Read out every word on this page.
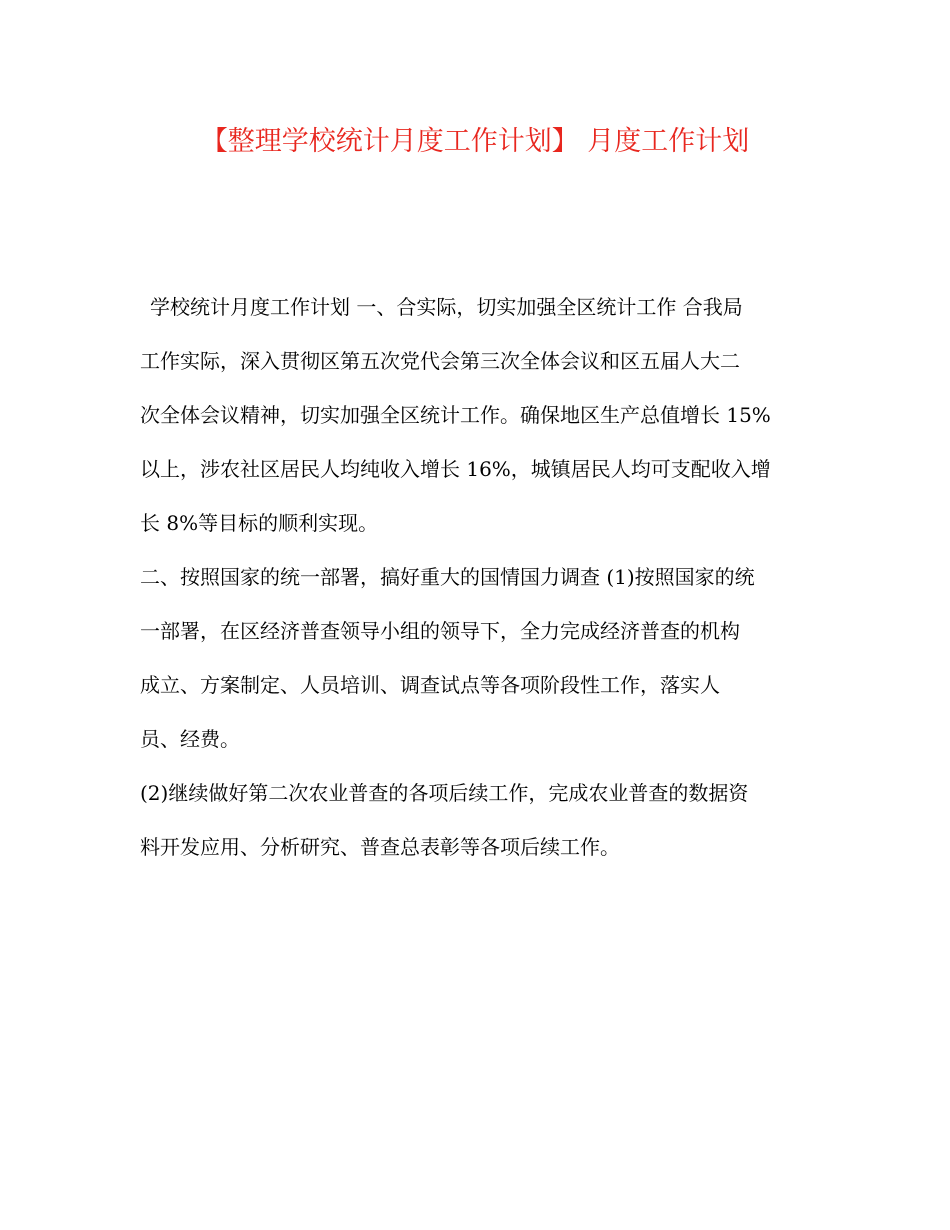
【整理学校统计月度工作计划】 月度工作计划
学校统计月度工作计划 一、合实际，切实加强全区统计工作 合我局
工作实际，深入贯彻区第五次党代会第三次全体会议和区五届人大二
次全体会议精神，切实加强全区统计工作。确保地区生产总值增长 15%
以上，涉农社区居民人均纯收入增长 16%，城镇居民人均可支配收入增
长 8%等目标的顺利实现。
二、按照国家的统一部署，搞好重大的国情国力调查 (1)按照国家的统
一部署，在区经济普查领导小组的领导下，全力完成经济普查的机构
成立、方案制定、人员培训、调查试点等各项阶段性工作，落实人
员、经费。
(2)继续做好第二次农业普查的各项后续工作，完成农业普查的数据资
料开发应用、分析研究、普查总表彰等各项后续工作。
